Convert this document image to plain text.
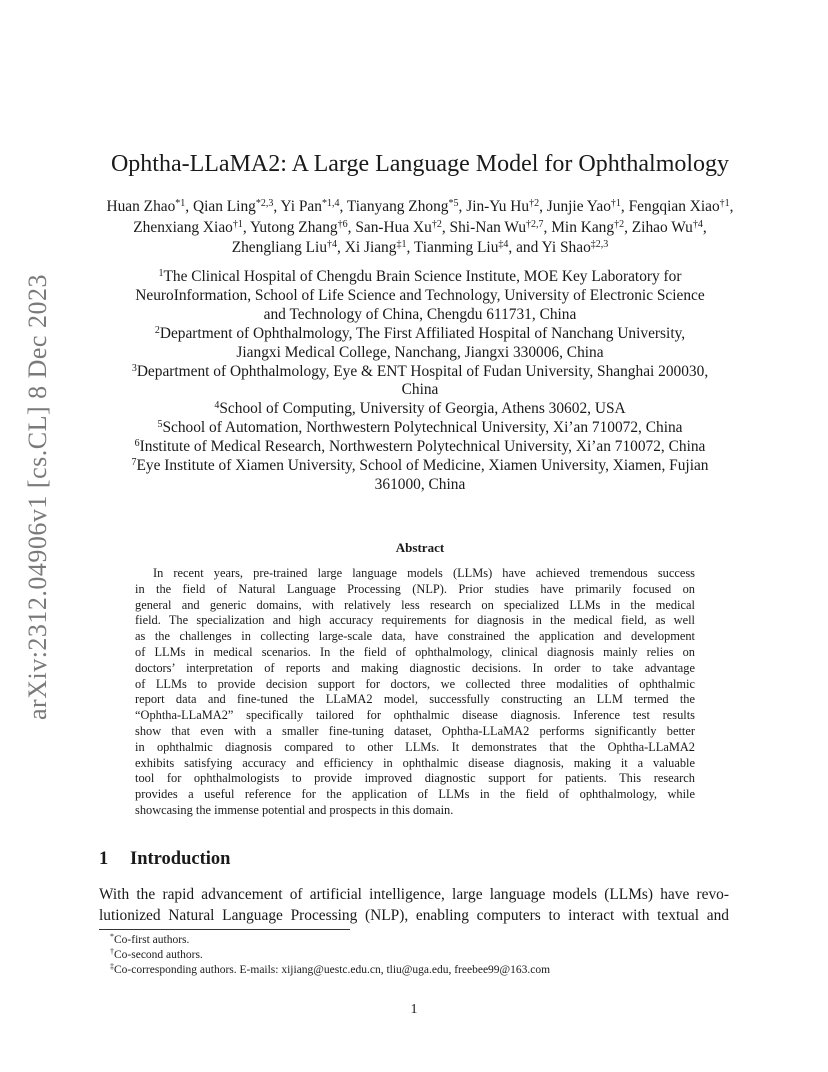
arXiv:2312.04906v1 [cs.CL] 8 Dec 2023
Ophtha-LLaMA2: A Large Language Model for Ophthalmology
Huan Zhao$^{*1}$, Qian Ling$^{*2,3}$, Yi Pan$^{*1,4}$, Tianyang Zhong$^{*5}$, Jin-Yu Hu$^{\dagger 2}$, Junjie Yao$^{\dagger 1}$, Fengqian Xiao$^{\dagger 1}$, Zhenxiang Xiao$^{\dagger 1}$, Yutong Zhang$^{\dagger 6}$, San-Hua Xu$^{\dagger 2}$, Shi-Nan Wu$^{\dagger 2,7}$, Min Kang$^{\dagger 2}$, Zihao Wu$^{\dagger 4}$, Zhengliang Liu$^{\dagger 4}$, Xi Jiang$^{\ddagger 1}$, Tianming Liu$^{\ddagger 4}$, and Yi Shao$^{\ddagger 2,3}$
$^1$The Clinical Hospital of Chengdu Brain Science Institute, MOE Key Laboratory for
NeuroInformation, School of Life Science and Technology, University of Electronic Science
and Technology of China, Chengdu 611731, China
$^2$Department of Ophthalmology, The First Affiliated Hospital of Nanchang University,
Jiangxi Medical College, Nanchang, Jiangxi 330006, China
$^3$Department of Ophthalmology, Eye & ENT Hospital of Fudan University, Shanghai 200030,
China
$^4$School of Computing, University of Georgia, Athens 30602, USA
$^5$School of Automation, Northwestern Polytechnical University, Xi’an 710072, China
$^6$Institute of Medical Research, Northwestern Polytechnical University, Xi’an 710072, China
$^7$Eye Institute of Xiamen University, School of Medicine, Xiamen University, Xiamen, Fujian
361000, China
Abstract
In recent years, pre-trained large language models (LLMs) have achieved tremendous success
in the field of Natural Language Processing (NLP). Prior studies have primarily focused on
general and generic domains, with relatively less research on specialized LLMs in the medical
field. The specialization and high accuracy requirements for diagnosis in the medical field, as well
as the challenges in collecting large-scale data, have constrained the application and development
of LLMs in medical scenarios. In the field of ophthalmology, clinical diagnosis mainly relies on
doctors’ interpretation of reports and making diagnostic decisions. In order to take advantage
of LLMs to provide decision support for doctors, we collected three modalities of ophthalmic
report data and fine-tuned the LLaMA2 model, successfully constructing an LLM termed the
“Ophtha-LLaMA2” specifically tailored for ophthalmic disease diagnosis. Inference test results
show that even with a smaller fine-tuning dataset, Ophtha-LLaMA2 performs significantly better
in ophthalmic diagnosis compared to other LLMs. It demonstrates that the Ophtha-LLaMA2
exhibits satisfying accuracy and efficiency in ophthalmic disease diagnosis, making it a valuable
tool for ophthalmologists to provide improved diagnostic support for patients. This research
provides a useful reference for the application of LLMs in the field of ophthalmology, while
showcasing the immense potential and prospects in this domain.
1 Introduction
With the rapid advancement of artificial intelligence, large language models (LLMs) have revo-
lutionized Natural Language Processing (NLP), enabling computers to interact with textual and
*Co-first authors.
†Co-second authors.
‡Co-corresponding authors. E-mails: xijiang@uestc.edu.cn, tliu@uga.edu, freebee99@163.com
1
